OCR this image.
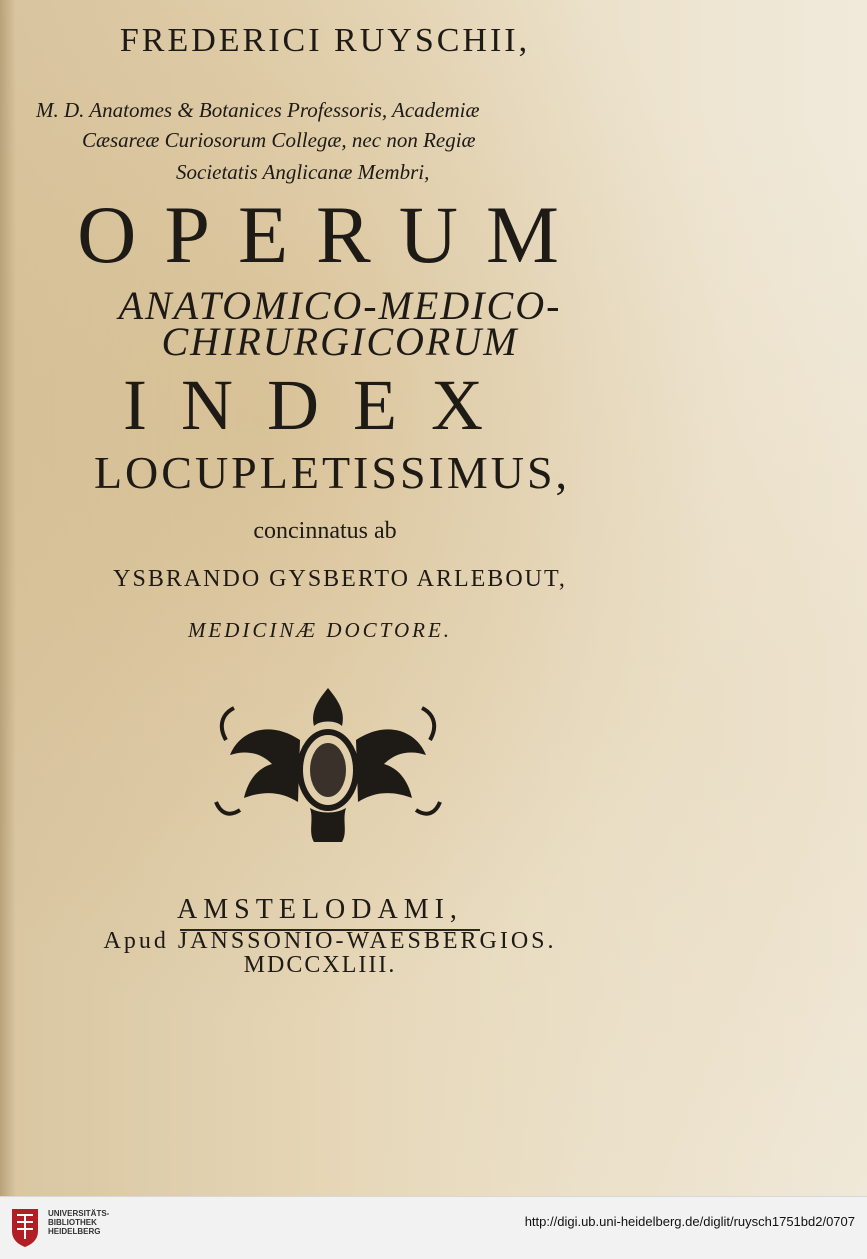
FREDERICI RUYSCHII,
M. D. Anatomes & Botanices Professoris, Academiæ
Cæsareæ Curiosorum Collegæ, nec non Regiæ
Societatis Anglicanæ Membri,
OPERUM
ANATOMICO-MEDICO-
CHIRURGICORUM
INDEX
LOCUPLETISSIMUS,
concinnatus ab
YSBRANDO GYSBERTO ARLEBOUT,
MEDICINÆ DOCTORE.
AMSTELODAMI,
Apud JANSSONIO-WAESBERGIOS.
MDCCXLIII.
UNIVERSITÄTS-
BIBLIOTHEK
HEIDELBERG
http://digi.ub.uni-heidelberg.de/diglit/ruysch1751bd2/0707
